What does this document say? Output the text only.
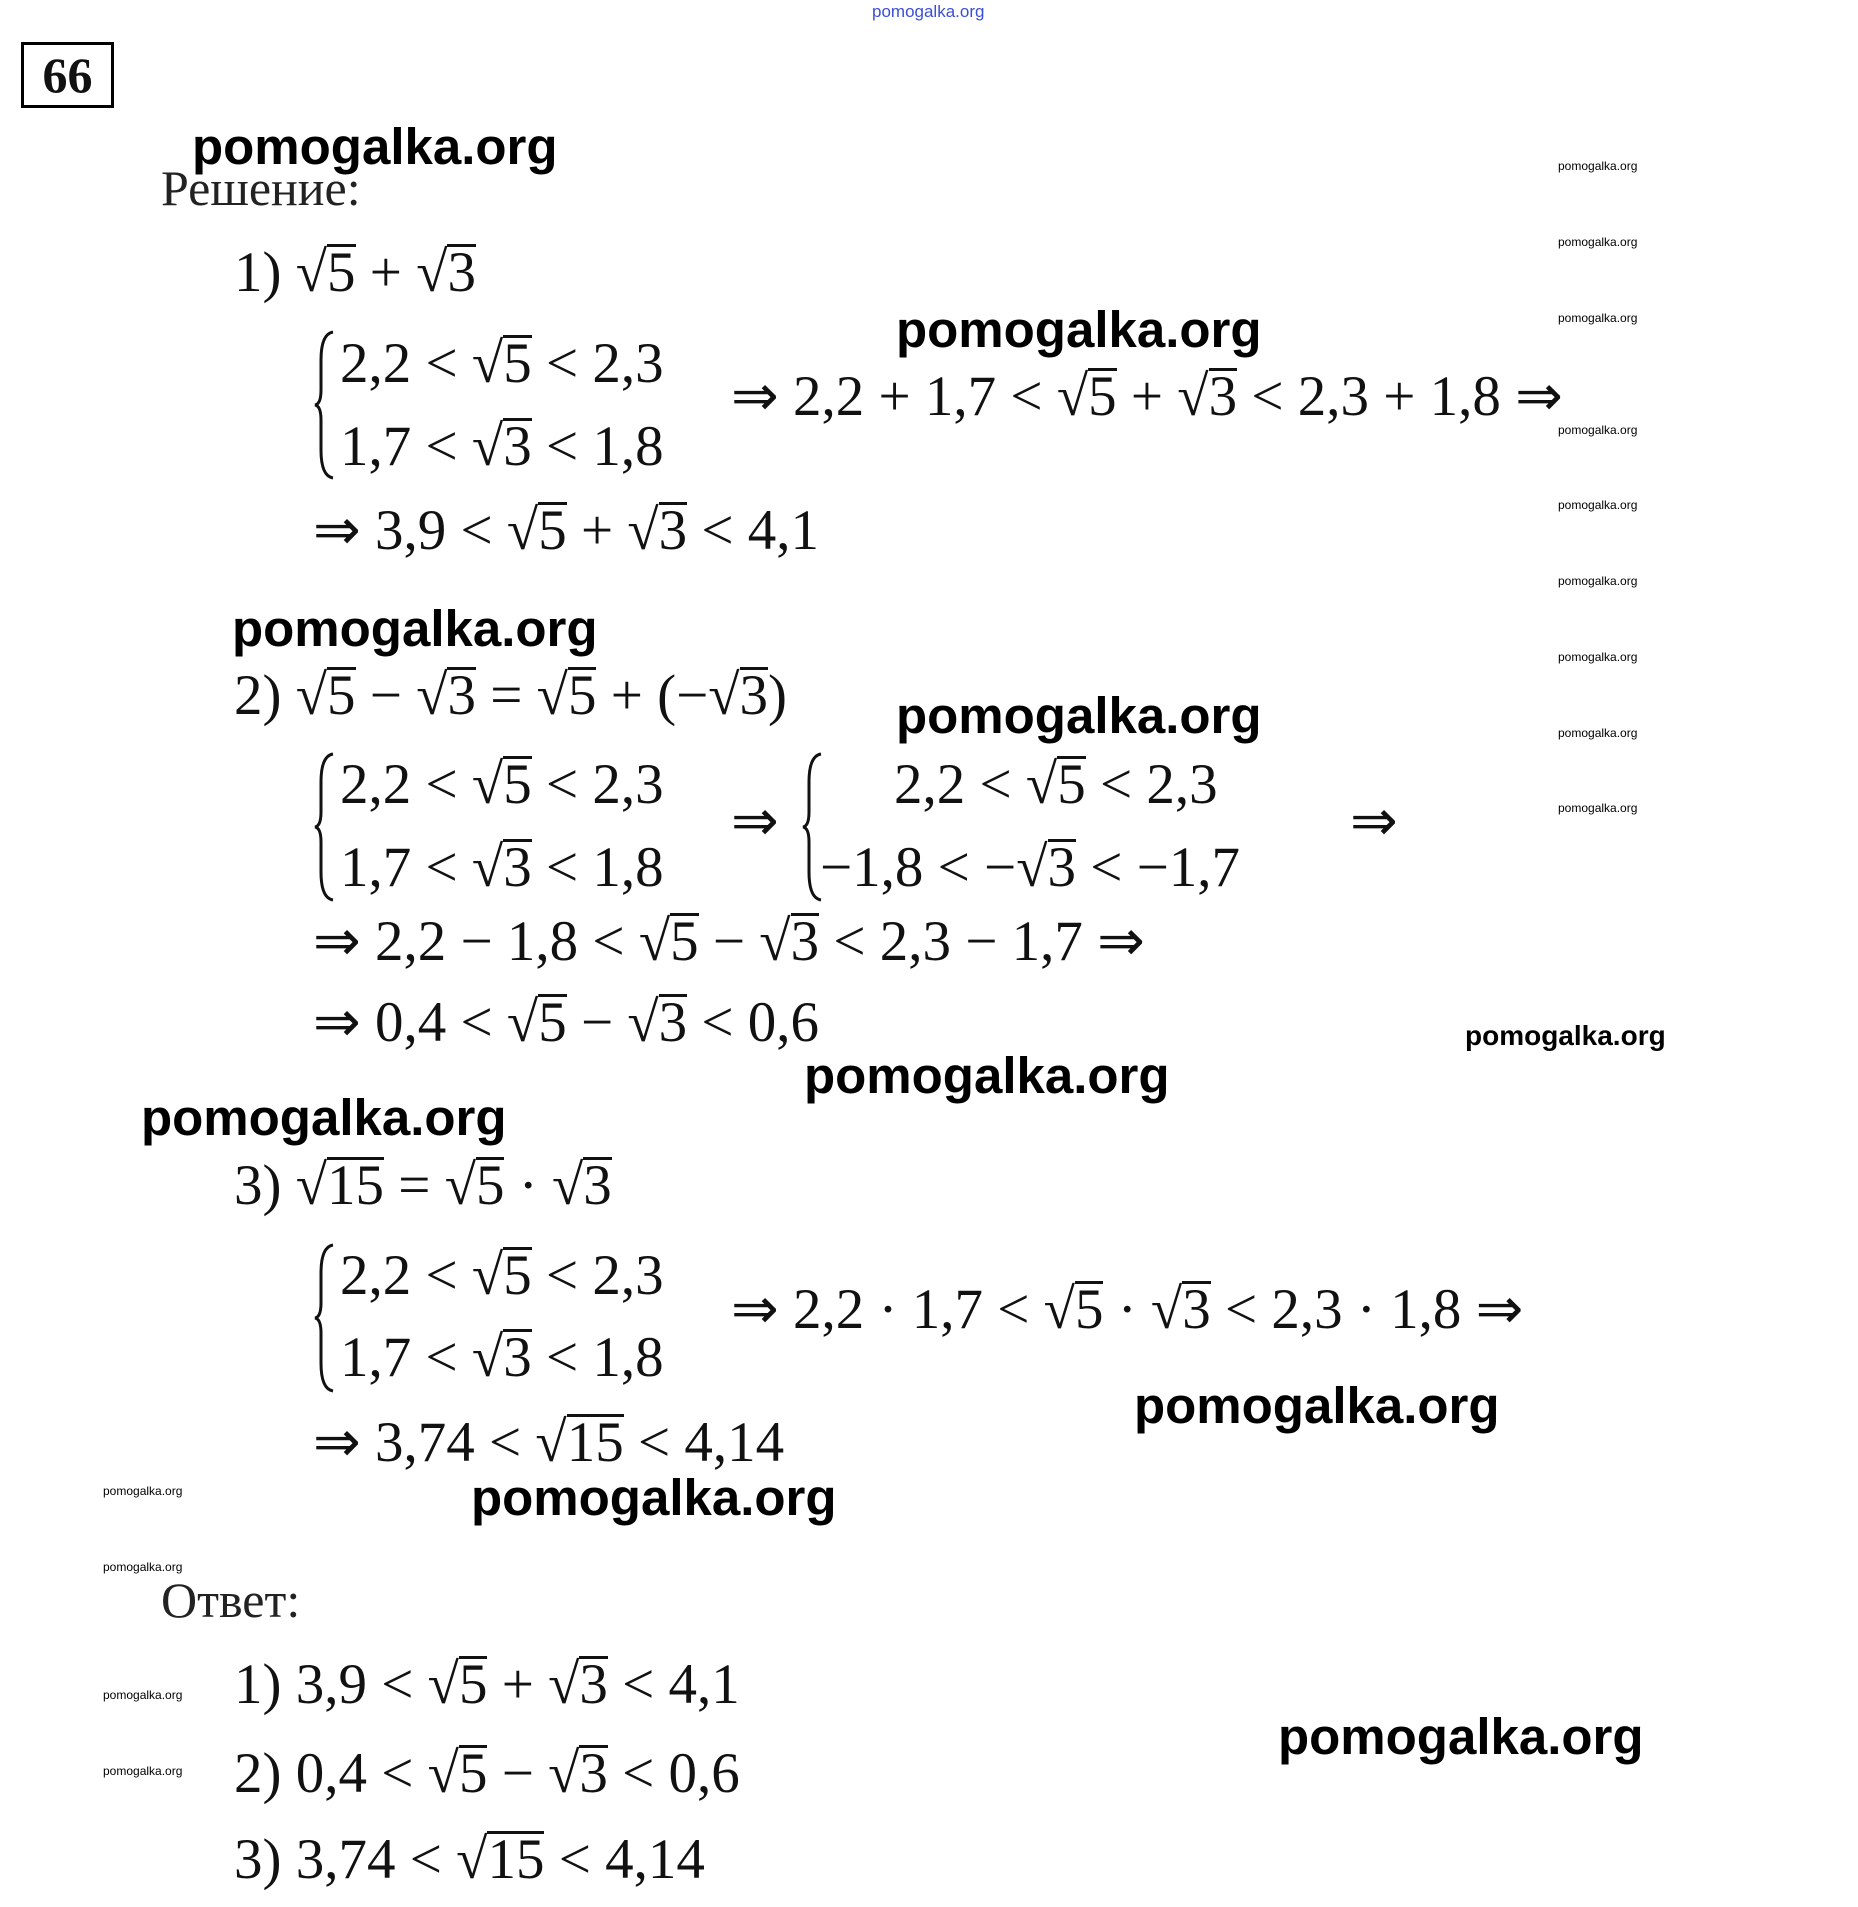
pomogalka.org
66
Решение:
1) √5 + √3
2,2 < √5 < 2,3
1,7 < √3 < 1,8
⇒ 2,2 + 1,7 < √5 + √3 < 2,3 + 1,8 ⇒
⇒ 3,9 < √5 + √3 < 4,1
2) √5 − √3 = √5 + (−√3)
2,2 < √5 < 2,3
1,7 < √3 < 1,8
⇒
2,2 < √5 < 2,3
−1,8 < −√3 < −1,7
⇒
⇒ 2,2 − 1,8 < √5 − √3 < 2,3 − 1,7 ⇒
⇒ 0,4 < √5 − √3 < 0,6
3) √15 = √5 · √3
2,2 < √5 < 2,3
1,7 < √3 < 1,8
⇒ 2,2 · 1,7 < √5 · √3 < 2,3 · 1,8 ⇒
⇒ 3,74 < √15 < 4,14
Ответ:
1) 3,9 < √5 + √3 < 4,1
2) 0,4 < √5 − √3 < 0,6
3) 3,74 < √15 < 4,14
pomogalka.org
pomogalka.org
pomogalka.org
pomogalka.org
pomogalka.org
pomogalka.org
pomogalka.org
pomogalka.org
pomogalka.org
pomogalka.org
pomogalka.org
pomogalka.org
pomogalka.org
pomogalka.org
pomogalka.org
pomogalka.org
pomogalka.org
pomogalka.org
pomogalka.org
pomogalka.org
pomogalka.org
pomogalka.org
pomogalka.org
